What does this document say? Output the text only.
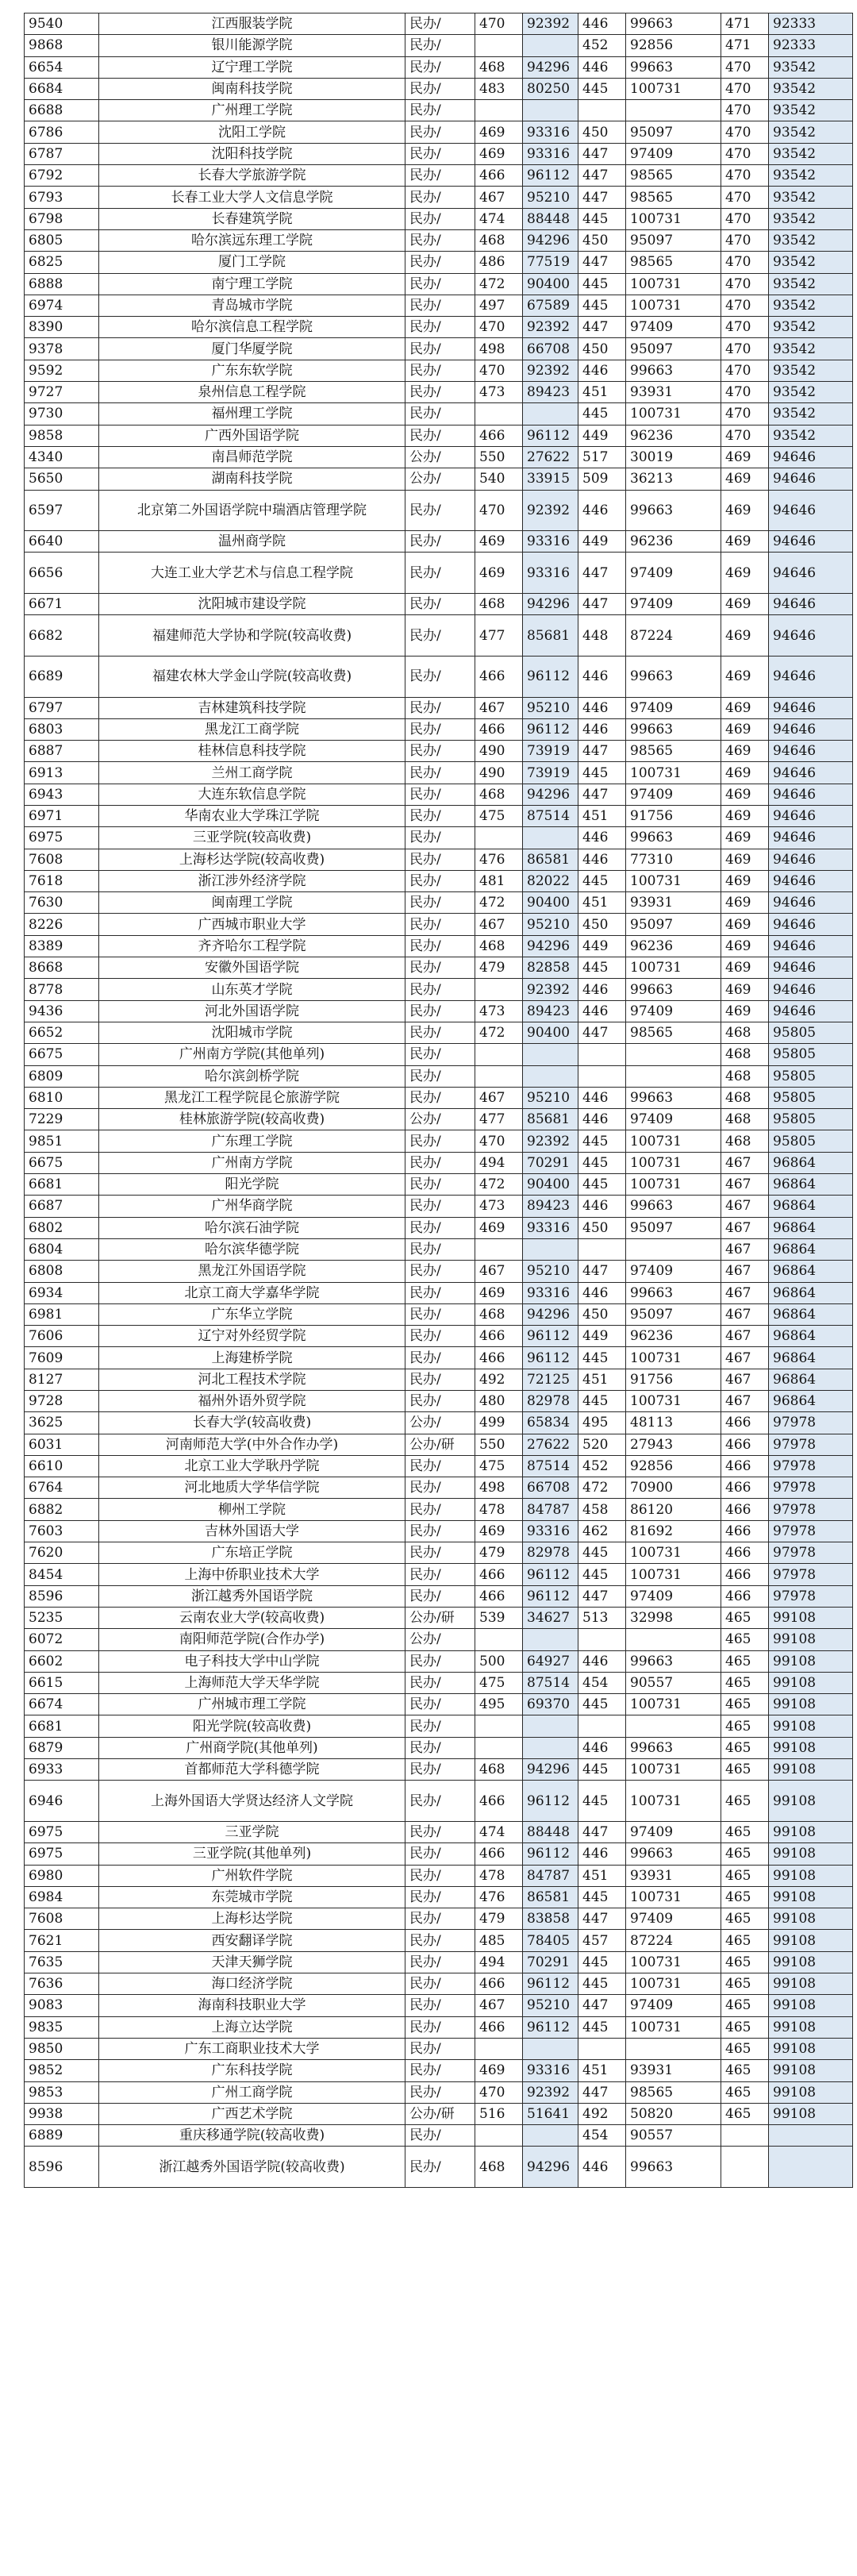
9540	江西服装学院	民办/	470	92392	446	99663	471	92333
9868	银川能源学院	民办/			452	92856	471	92333
6654	辽宁理工学院	民办/	468	94296	446	99663	470	93542
6684	闽南科技学院	民办/	483	80250	445	100731	470	93542
6688	广州理工学院	民办/					470	93542
6786	沈阳工学院	民办/	469	93316	450	95097	470	93542
6787	沈阳科技学院	民办/	469	93316	447	97409	470	93542
6792	长春大学旅游学院	民办/	466	96112	447	98565	470	93542
6793	长春工业大学人文信息学院	民办/	467	95210	447	98565	470	93542
6798	长春建筑学院	民办/	474	88448	445	100731	470	93542
6805	哈尔滨远东理工学院	民办/	468	94296	450	95097	470	93542
6825	厦门工学院	民办/	486	77519	447	98565	470	93542
6888	南宁理工学院	民办/	472	90400	445	100731	470	93542
6974	青岛城市学院	民办/	497	67589	445	100731	470	93542
8390	哈尔滨信息工程学院	民办/	470	92392	447	97409	470	93542
9378	厦门华厦学院	民办/	498	66708	450	95097	470	93542
9592	广东东软学院	民办/	470	92392	446	99663	470	93542
9727	泉州信息工程学院	民办/	473	89423	451	93931	470	93542
9730	福州理工学院	民办/			445	100731	470	93542
9858	广西外国语学院	民办/	466	96112	449	96236	470	93542
4340	南昌师范学院	公办/	550	27622	517	30019	469	94646
5650	湖南科技学院	公办/	540	33915	509	36213	469	94646
6597	北京第二外国语学院中瑞酒店管理学院	民办/	470	92392	446	99663	469	94646
6640	温州商学院	民办/	469	93316	449	96236	469	94646
6656	大连工业大学艺术与信息工程学院	民办/	469	93316	447	97409	469	94646
6671	沈阳城市建设学院	民办/	468	94296	447	97409	469	94646
6682	福建师范大学协和学院(较高收费)	民办/	477	85681	448	87224	469	94646
6689	福建农林大学金山学院(较高收费)	民办/	466	96112	446	99663	469	94646
6797	吉林建筑科技学院	民办/	467	95210	446	97409	469	94646
6803	黑龙江工商学院	民办/	466	96112	446	99663	469	94646
6887	桂林信息科技学院	民办/	490	73919	447	98565	469	94646
6913	兰州工商学院	民办/	490	73919	445	100731	469	94646
6943	大连东软信息学院	民办/	468	94296	447	97409	469	94646
6971	华南农业大学珠江学院	民办/	475	87514	451	91756	469	94646
6975	三亚学院(较高收费)	民办/			446	99663	469	94646
7608	上海杉达学院(较高收费)	民办/	476	86581	446	77310	469	94646
7618	浙江涉外经济学院	民办/	481	82022	445	100731	469	94646
7630	闽南理工学院	民办/	472	90400	451	93931	469	94646
8226	广西城市职业大学	民办/	467	95210	450	95097	469	94646
8389	齐齐哈尔工程学院	民办/	468	94296	449	96236	469	94646
8668	安徽外国语学院	民办/	479	82858	445	100731	469	94646
8778	山东英才学院	民办/		92392	446	99663	469	94646
9436	河北外国语学院	民办/	473	89423	446	97409	469	94646
6652	沈阳城市学院	民办/	472	90400	447	98565	468	95805
6675	广州南方学院(其他单列)	民办/					468	95805
6809	哈尔滨剑桥学院	民办/					468	95805
6810	黑龙江工程学院昆仑旅游学院	民办/	467	95210	446	99663	468	95805
7229	桂林旅游学院(较高收费)	公办/	477	85681	446	97409	468	95805
9851	广东理工学院	民办/	470	92392	445	100731	468	95805
6675	广州南方学院	民办/	494	70291	445	100731	467	96864
6681	阳光学院	民办/	472	90400	445	100731	467	96864
6687	广州华商学院	民办/	473	89423	446	99663	467	96864
6802	哈尔滨石油学院	民办/	469	93316	450	95097	467	96864
6804	哈尔滨华德学院	民办/					467	96864
6808	黑龙江外国语学院	民办/	467	95210	447	97409	467	96864
6934	北京工商大学嘉华学院	民办/	469	93316	446	99663	467	96864
6981	广东华立学院	民办/	468	94296	450	95097	467	96864
7606	辽宁对外经贸学院	民办/	466	96112	449	96236	467	96864
7609	上海建桥学院	民办/	466	96112	445	100731	467	96864
8127	河北工程技术学院	民办/	492	72125	451	91756	467	96864
9728	福州外语外贸学院	民办/	480	82978	445	100731	467	96864
3625	长春大学(较高收费)	公办/	499	65834	495	48113	466	97978
6031	河南师范大学(中外合作办学)	公办/研	550	27622	520	27943	466	97978
6610	北京工业大学耿丹学院	民办/	475	87514	452	92856	466	97978
6764	河北地质大学华信学院	民办/	498	66708	472	70900	466	97978
6882	柳州工学院	民办/	478	84787	458	86120	466	97978
7603	吉林外国语大学	民办/	469	93316	462	81692	466	97978
7620	广东培正学院	民办/	479	82978	445	100731	466	97978
8454	上海中侨职业技术大学	民办/	466	96112	445	100731	466	97978
8596	浙江越秀外国语学院	民办/	466	96112	447	97409	466	97978
5235	云南农业大学(较高收费)	公办/研	539	34627	513	32998	465	99108
6072	南阳师范学院(合作办学)	公办/					465	99108
6602	电子科技大学中山学院	民办/	500	64927	446	99663	465	99108
6615	上海师范大学天华学院	民办/	475	87514	454	90557	465	99108
6674	广州城市理工学院	民办/	495	69370	445	100731	465	99108
6681	阳光学院(较高收费)	民办/					465	99108
6879	广州商学院(其他单列)	民办/			446	99663	465	99108
6933	首都师范大学科德学院	民办/	468	94296	445	100731	465	99108
6946	上海外国语大学贤达经济人文学院	民办/	466	96112	445	100731	465	99108
6975	三亚学院	民办/	474	88448	447	97409	465	99108
6975	三亚学院(其他单列)	民办/	466	96112	446	99663	465	99108
6980	广州软件学院	民办/	478	84787	451	93931	465	99108
6984	东莞城市学院	民办/	476	86581	445	100731	465	99108
7608	上海杉达学院	民办/	479	83858	447	97409	465	99108
7621	西安翻译学院	民办/	485	78405	457	87224	465	99108
7635	天津天狮学院	民办/	494	70291	445	100731	465	99108
7636	海口经济学院	民办/	466	96112	445	100731	465	99108
9083	海南科技职业大学	民办/	467	95210	447	97409	465	99108
9835	上海立达学院	民办/	466	96112	445	100731	465	99108
9850	广东工商职业技术大学	民办/					465	99108
9852	广东科技学院	民办/	469	93316	451	93931	465	99108
9853	广州工商学院	民办/	470	92392	447	98565	465	99108
9938	广西艺术学院	公办/研	516	51641	492	50820	465	99108
6889	重庆移通学院(较高收费)	民办/			454	90557		
8596	浙江越秀外国语学院(较高收费)	民办/	468	94296	446	99663		
